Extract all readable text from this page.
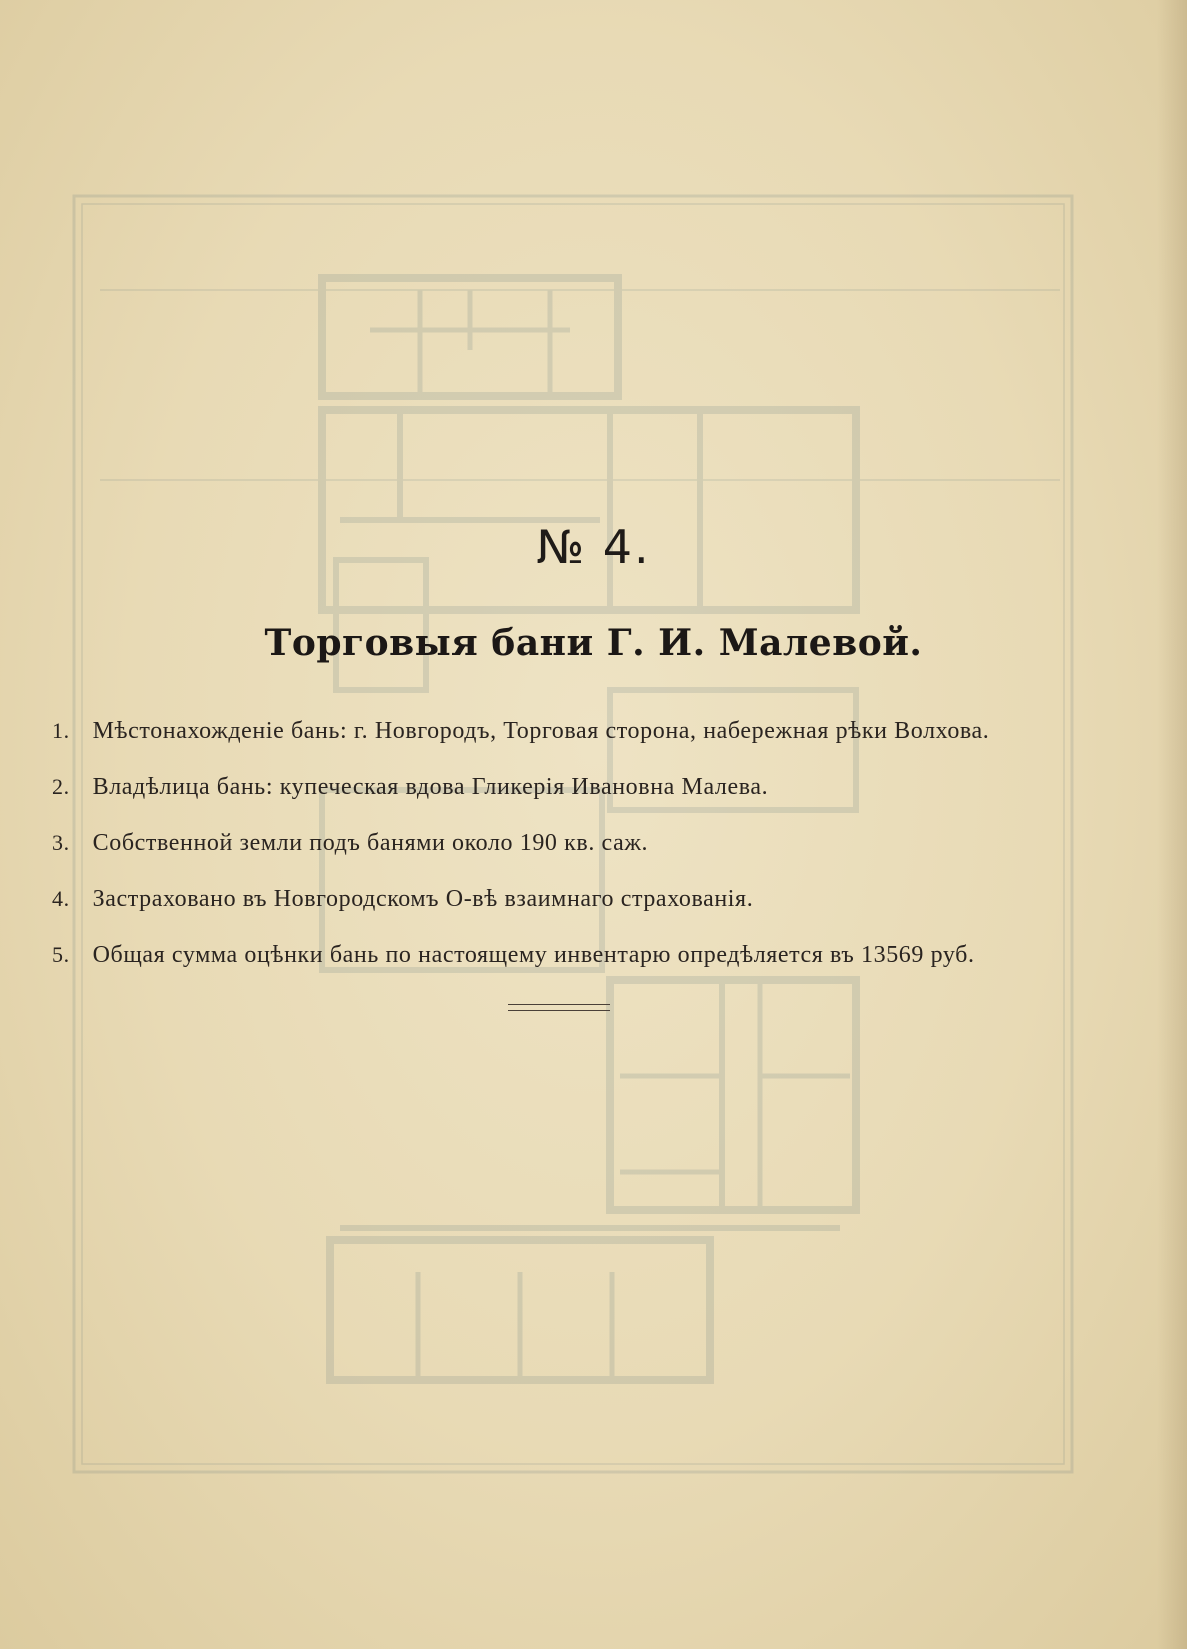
№ 4.
Торговыя бани Г. И. Малевой.
1. Мѣстонахожденіе бань: г. Новгородъ, Торговая сторона, набережная рѣки Волхова.
2. Владѣлица бань: купеческая вдова Гликерія Ивановна Малева.
3. Собственной земли подъ банями около 190 кв. саж.
4. Застраховано въ Новгородскомъ О-вѣ взаимнаго страхованія.
5. Общая сумма оцѣнки бань по настоящему инвентарю опредѣляется въ 13569 руб.
